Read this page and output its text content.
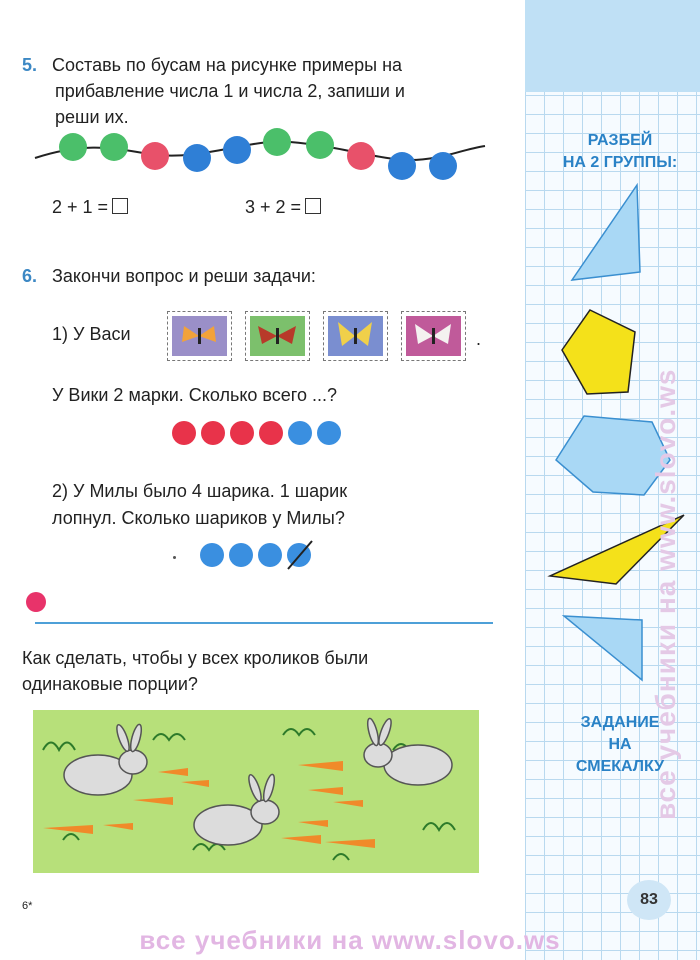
5. Составь по бусам на рисунке примеры на
прибавление числа 1 и числа 2, запиши и
реши их.
2 + 1 =	3 + 2 =
6. Закончи вопрос и реши задачи:
1) У Васи	.
У Вики 2 марки. Сколько всего ...?
2) У Милы было 4 шарика. 1 шарик
лопнул. Сколько шариков у Милы?
Как сделать, чтобы у всех кроликов были
одинаковые порции?
РАЗБЕЙ
НА 2 ГРУППЫ:
ЗАДАНИЕ
НА
СМЕКАЛКУ
все учебники на www.slovo.ws
6*	83
все учебники на www.slovo.ws
